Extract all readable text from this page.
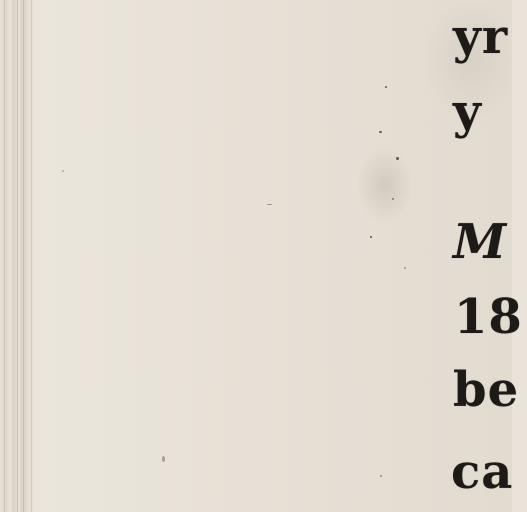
yr
y
M
18
be
ca
